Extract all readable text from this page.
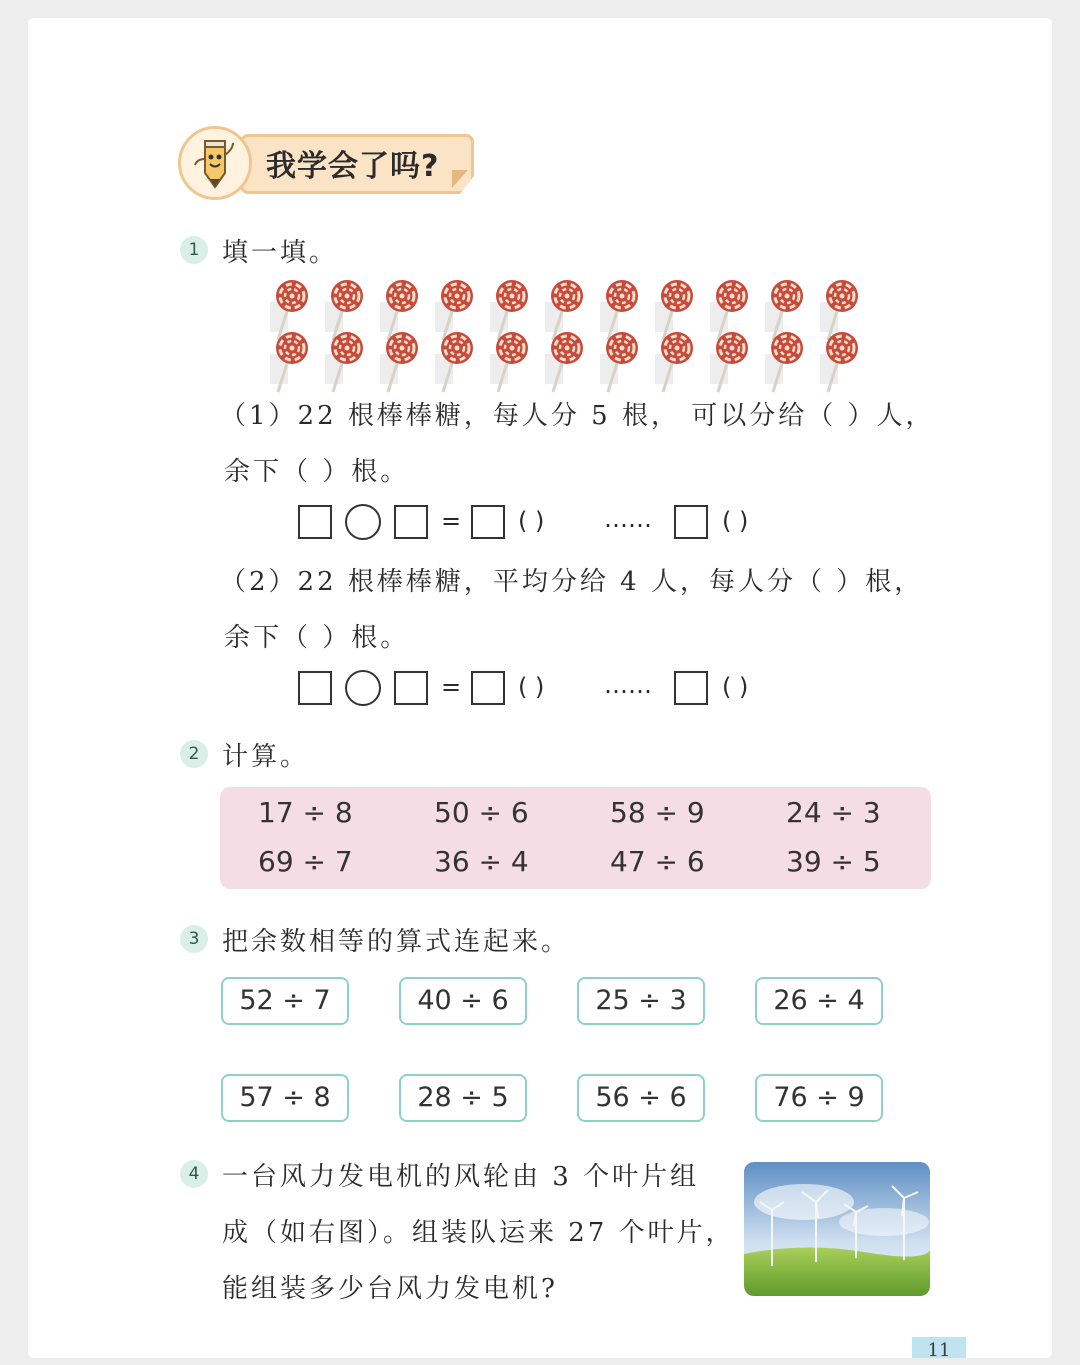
我学会了吗?
1 填一填。
（1）22 根棒棒糖，每人分 5 根， 可以分给（ ）人，
余下（ ）根。
= ( ) ……	( )
（2）22 根棒棒糖，平均分给 4 人，每人分（ ）根，
余下（ ）根。
= ( ) ……	( )
2 计算。
17 ÷ 8	50 ÷ 6	58 ÷ 9	24 ÷ 3
69 ÷ 7	36 ÷ 4	47 ÷ 6	39 ÷ 5
3 把余数相等的算式连起来。
52 ÷ 7	40 ÷ 6	25 ÷ 3	26 ÷ 4
57 ÷ 8	28 ÷ 5	56 ÷ 6	76 ÷ 9
4 一台风力发电机的风轮由 3 个叶片组
成（如右图）。组装队运来 27 个叶片，
能组装多少台风力发电机?
11
